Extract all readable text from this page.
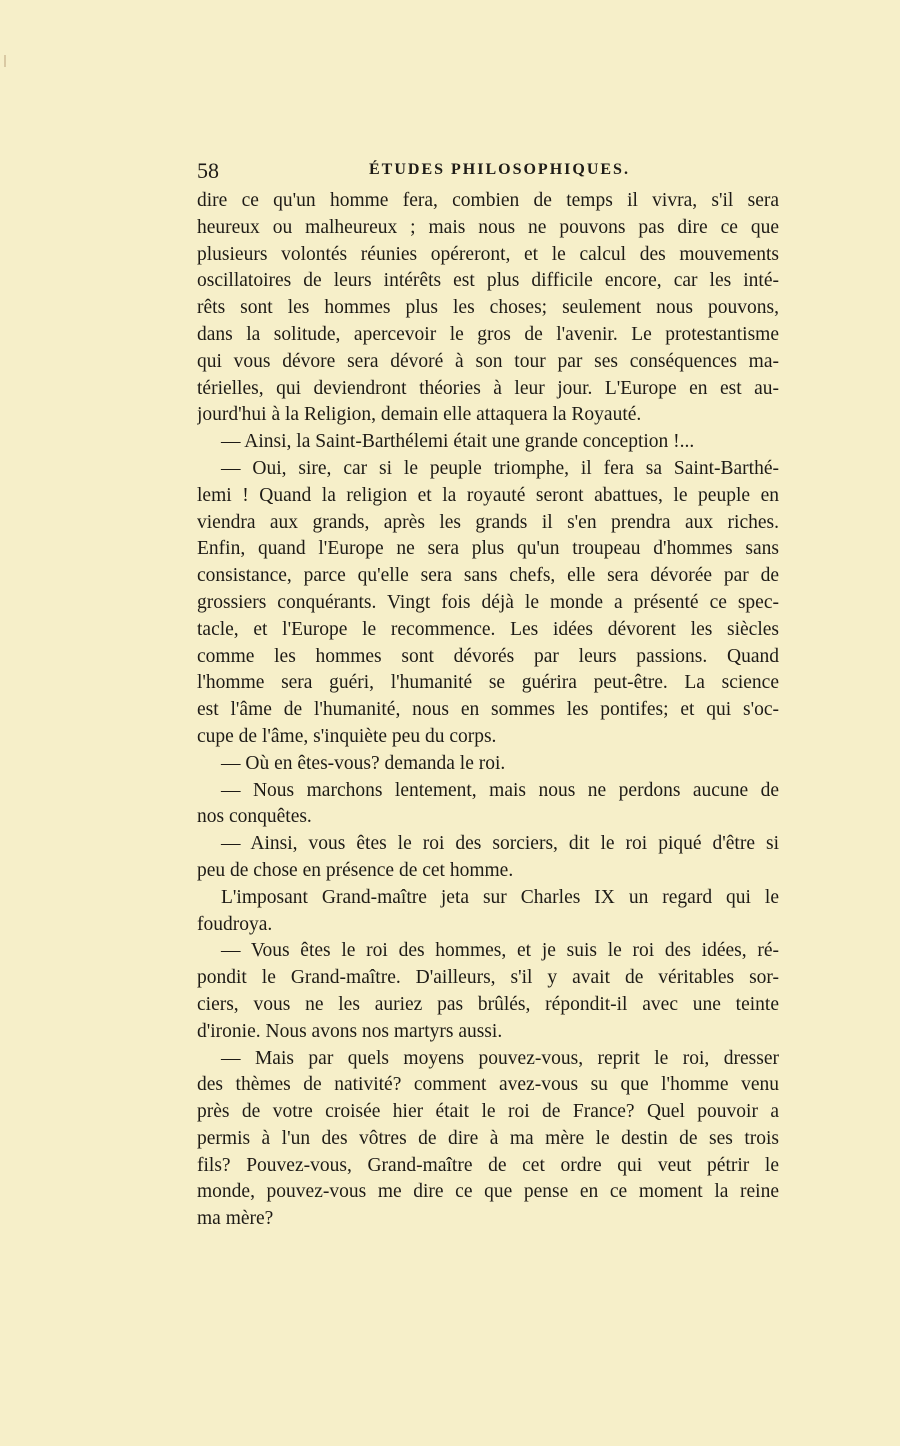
58	ÉTUDES PHILOSOPHIQUES.
dire ce qu'un homme fera, combien de temps il vivra, s'il sera
heureux ou malheureux ; mais nous ne pouvons pas dire ce que
plusieurs volontés réunies opéreront, et le calcul des mouvements
oscillatoires de leurs intérêts est plus difficile encore, car les inté-
rêts sont les hommes plus les choses; seulement nous pouvons,
dans la solitude, apercevoir le gros de l'avenir. Le protestantisme
qui vous dévore sera dévoré à son tour par ses conséquences ma-
térielles, qui deviendront théories à leur jour. L'Europe en est au-
jourd'hui à la Religion, demain elle attaquera la Royauté.
— Ainsi, la Saint-Barthélemi était une grande conception !...
— Oui, sire, car si le peuple triomphe, il fera sa Saint-Barthé-
lemi ! Quand la religion et la royauté seront abattues, le peuple en
viendra aux grands, après les grands il s'en prendra aux riches.
Enfin, quand l'Europe ne sera plus qu'un troupeau d'hommes sans
consistance, parce qu'elle sera sans chefs, elle sera dévorée par de
grossiers conquérants. Vingt fois déjà le monde a présenté ce spec-
tacle, et l'Europe le recommence. Les idées dévorent les siècles
comme les hommes sont dévorés par leurs passions. Quand
l'homme sera guéri, l'humanité se guérira peut-être. La science
est l'âme de l'humanité, nous en sommes les pontifes; et qui s'oc-
cupe de l'âme, s'inquiète peu du corps.
— Où en êtes-vous? demanda le roi.
— Nous marchons lentement, mais nous ne perdons aucune de
nos conquêtes.
— Ainsi, vous êtes le roi des sorciers, dit le roi piqué d'être si
peu de chose en présence de cet homme.
L'imposant Grand-maître jeta sur Charles IX un regard qui le
foudroya.
— Vous êtes le roi des hommes, et je suis le roi des idées, ré-
pondit le Grand-maître. D'ailleurs, s'il y avait de véritables sor-
ciers, vous ne les auriez pas brûlés, répondit-il avec une teinte
d'ironie. Nous avons nos martyrs aussi.
— Mais par quels moyens pouvez-vous, reprit le roi, dresser
des thèmes de nativité? comment avez-vous su que l'homme venu
près de votre croisée hier était le roi de France? Quel pouvoir a
permis à l'un des vôtres de dire à ma mère le destin de ses trois
fils? Pouvez-vous, Grand-maître de cet ordre qui veut pétrir le
monde, pouvez-vous me dire ce que pense en ce moment la reine
ma mère?
